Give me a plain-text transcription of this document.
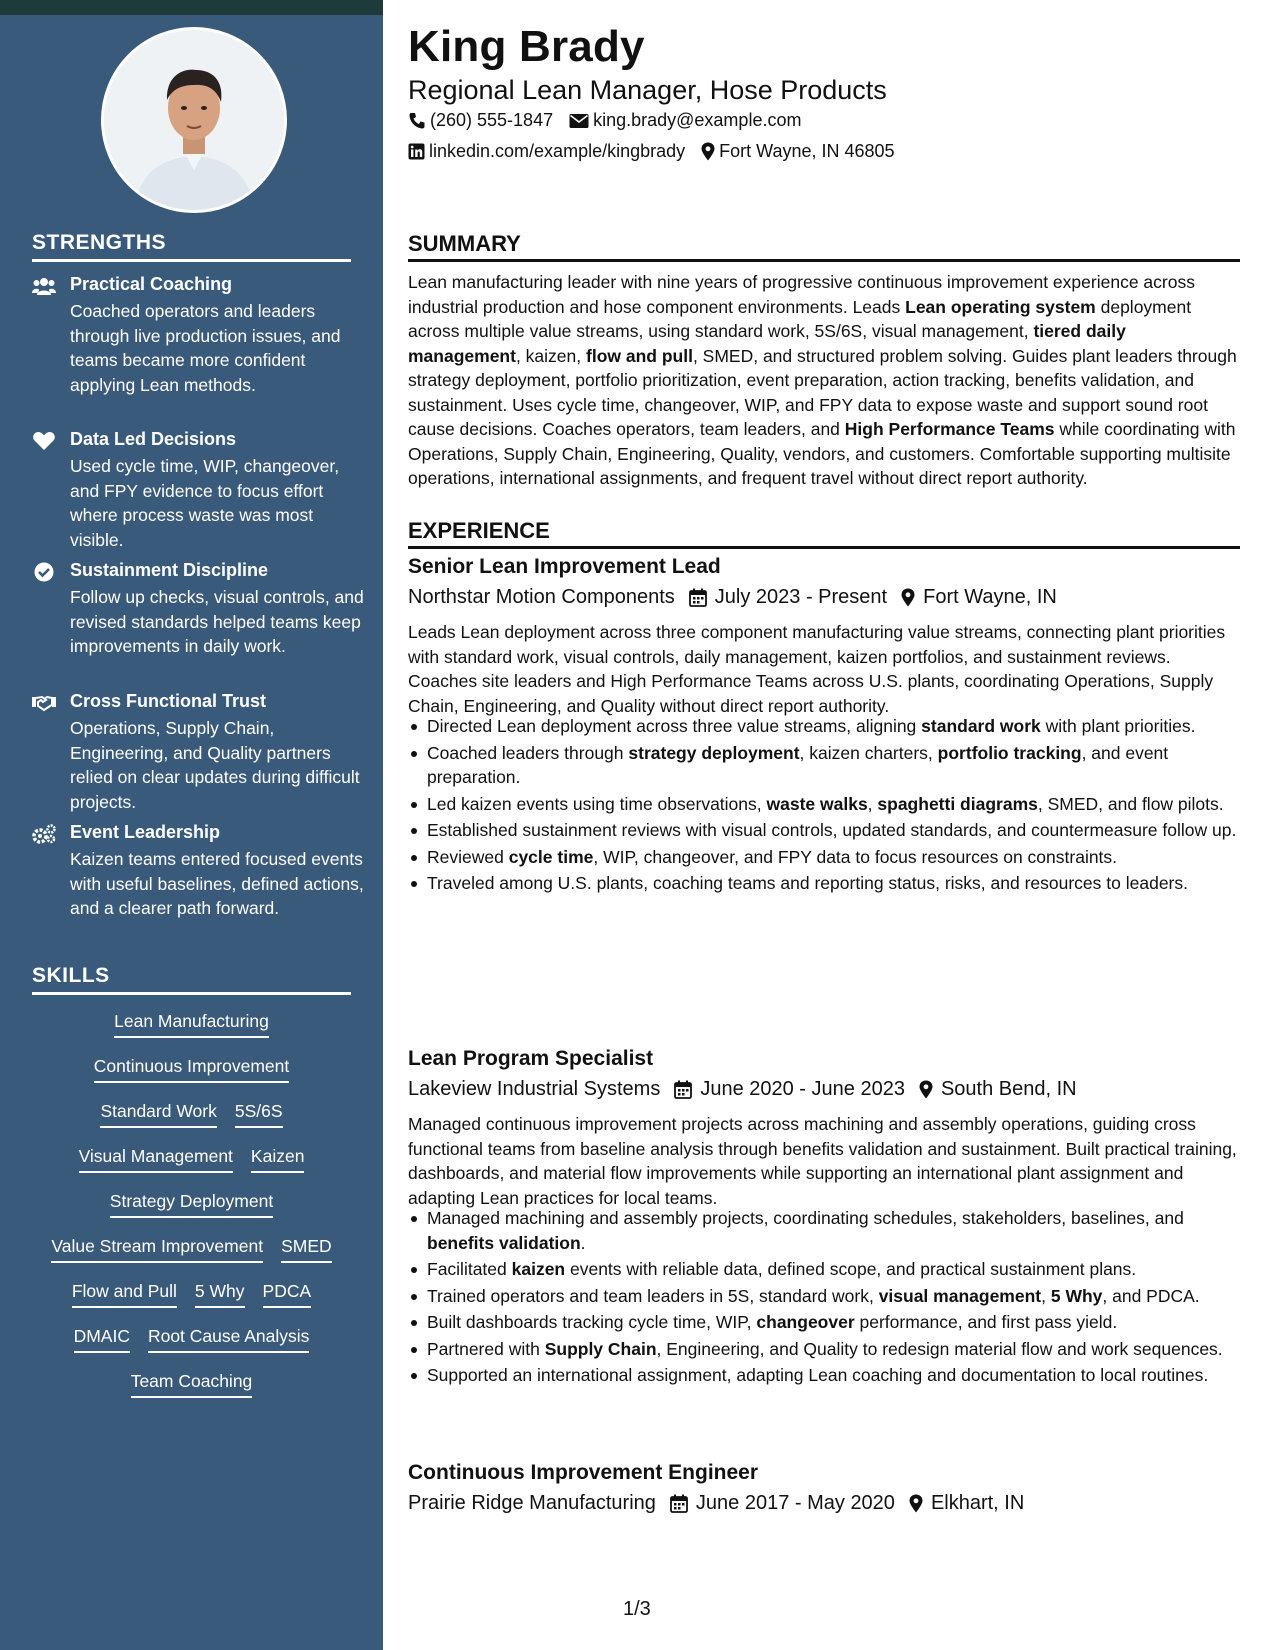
STRENGTHS
Practical Coaching
Coached operators and leaders through live production issues, and teams became more confident applying Lean methods.
Data Led Decisions
Used cycle time, WIP, changeover, and FPY evidence to focus effort where process waste was most visible.
Sustainment Discipline
Follow up checks, visual controls, and revised standards helped teams keep improvements in daily work.
Cross Functional Trust
Operations, Supply Chain, Engineering, and Quality partners relied on clear updates during difficult projects.
Event Leadership
Kaizen teams entered focused events with useful baselines, defined actions, and a clearer path forward.
SKILLS
Lean Manufacturing
Continuous Improvement
Standard Work 5S/6S
Visual Management Kaizen
Strategy Deployment
Value Stream Improvement SMED
Flow and Pull 5 Why PDCA
DMAIC Root Cause Analysis
Team Coaching
King Brady
Regional Lean Manager, Hose Products
(260) 555-1847 king.brady@example.com
linkedin.com/example/kingbrady Fort Wayne, IN 46805
SUMMARY
Lean manufacturing leader with nine years of progressive continuous improvement experience across industrial production and hose component environments. Leads Lean operating system deployment across multiple value streams, using standard work, 5S/6S, visual management, tiered daily management, kaizen, flow and pull, SMED, and structured problem solving. Guides plant leaders through strategy deployment, portfolio prioritization, event preparation, action tracking, benefits validation, and sustainment. Uses cycle time, changeover, WIP, and FPY data to expose waste and support sound root cause decisions. Coaches operators, team leaders, and High Performance Teams while coordinating with Operations, Supply Chain, Engineering, Quality, vendors, and customers. Comfortable supporting multisite operations, international assignments, and frequent travel without direct report authority.
EXPERIENCE
Senior Lean Improvement Lead
Northstar Motion Components July 2023 - Present Fort Wayne, IN
Leads Lean deployment across three component manufacturing value streams, connecting plant priorities with standard work, visual controls, daily management, kaizen portfolios, and sustainment reviews. Coaches site leaders and High Performance Teams across U.S. plants, coordinating Operations, Supply Chain, Engineering, and Quality without direct report authority.
Directed Lean deployment across three value streams, aligning standard work with plant priorities.
Coached leaders through strategy deployment, kaizen charters, portfolio tracking, and event preparation.
Led kaizen events using time observations, waste walks, spaghetti diagrams, SMED, and flow pilots.
Established sustainment reviews with visual controls, updated standards, and countermeasure follow up.
Reviewed cycle time, WIP, changeover, and FPY data to focus resources on constraints.
Traveled among U.S. plants, coaching teams and reporting status, risks, and resources to leaders.
Lean Program Specialist
Lakeview Industrial Systems June 2020 - June 2023 South Bend, IN
Managed continuous improvement projects across machining and assembly operations, guiding cross functional teams from baseline analysis through benefits validation and sustainment. Built practical training, dashboards, and material flow improvements while supporting an international plant assignment and adapting Lean practices for local teams.
Managed machining and assembly projects, coordinating schedules, stakeholders, baselines, and benefits validation.
Facilitated kaizen events with reliable data, defined scope, and practical sustainment plans.
Trained operators and team leaders in 5S, standard work, visual management, 5 Why, and PDCA.
Built dashboards tracking cycle time, WIP, changeover performance, and first pass yield.
Partnered with Supply Chain, Engineering, and Quality to redesign material flow and work sequences.
Supported an international assignment, adapting Lean coaching and documentation to local routines.
Continuous Improvement Engineer
Prairie Ridge Manufacturing June 2017 - May 2020 Elkhart, IN
1/3
